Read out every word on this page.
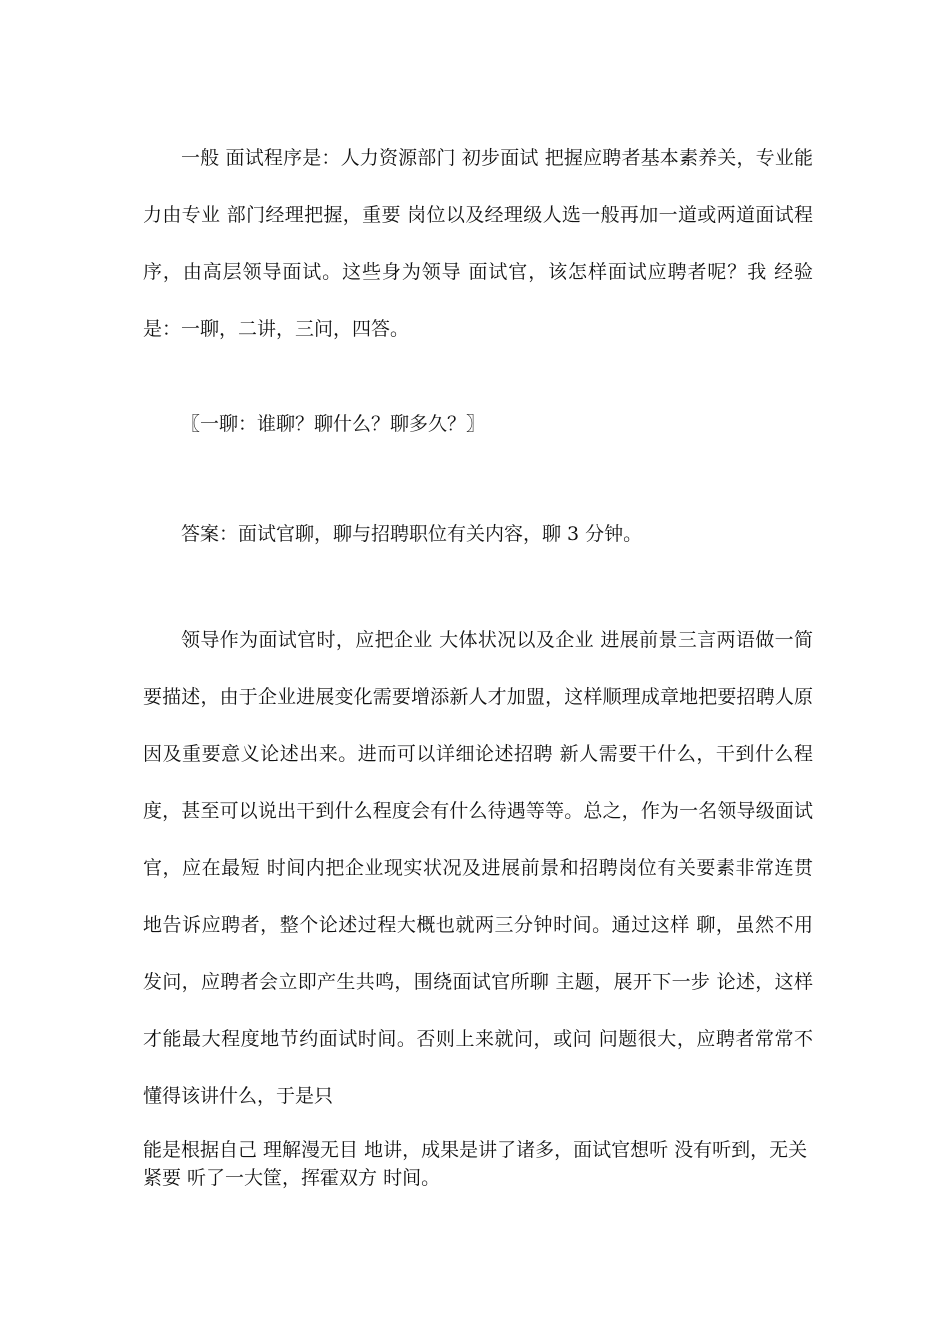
一般 面试程序是：人力资源部门 初步面试 把握应聘者基本素养关，专业能力由专业 部门经理把握，重要 岗位以及经理级人选一般再加一道或两道面试程序，由高层领导面试。这些身为领导 面试官，该怎样面试应聘者呢？我 经验是：一聊，二讲，三问，四答。

〖一聊：谁聊？聊什么？聊多久？〗

答案：面试官聊，聊与招聘职位有关内容，聊 3 分钟。

领导作为面试官时，应把企业 大体状况以及企业 进展前景三言两语做一简要描述，由于企业进展变化需要增添新人才加盟，这样顺理成章地把要招聘人原因及重要意义论述出来。进而可以详细论述招聘 新人需要干什么，干到什么程度，甚至可以说出干到什么程度会有什么待遇等等。总之，作为一名领导级面试官，应在最短 时间内把企业现实状况及进展前景和招聘岗位有关要素非常连贯地告诉应聘者，整个论述过程大概也就两三分钟时间。通过这样 聊，虽然不用发问，应聘者会立即产生共鸣，围绕面试官所聊 主题，展开下一步 论述，这样才能最大程度地节约面试时间。否则上来就问，或问 问题很大，应聘者常常不懂得该讲什么，于是只

能是根据自己 理解漫无目 地讲，成果是讲了诸多，面试官想听 没有听到，无关紧要 听了一大筐，挥霍双方 时间。
